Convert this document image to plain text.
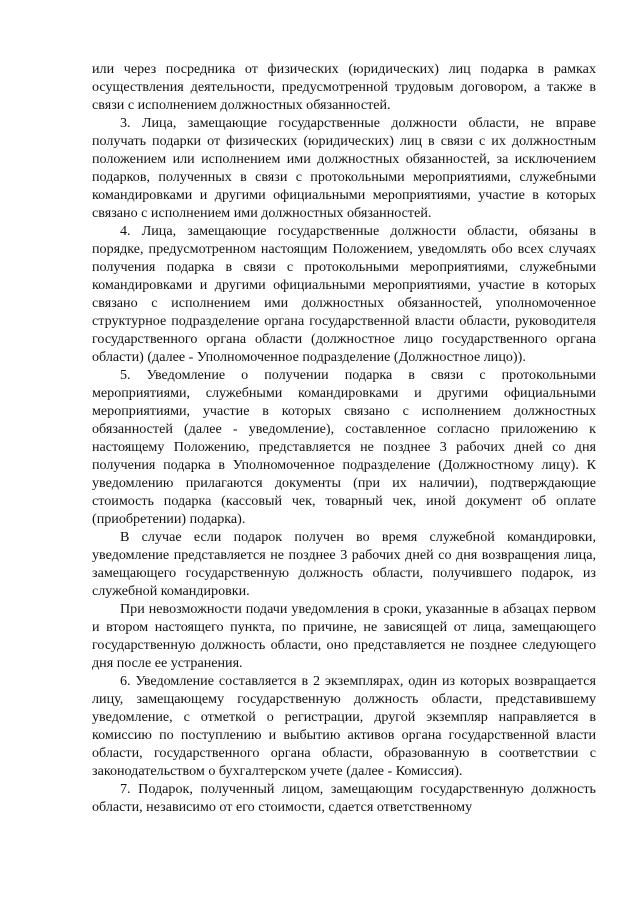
или через посредника от физических (юридических) лиц подарка в рамках осуществления деятельности, предусмотренной трудовым договором, а также в связи с исполнением должностных обязанностей.

3. Лица, замещающие государственные должности области, не вправе получать подарки от физических (юридических) лиц в связи с их должностным положением или исполнением ими должностных обязанностей, за исключением подарков, полученных в связи с протокольными мероприятиями, служебными командировками и другими официальными мероприятиями, участие в которых связано с исполнением ими должностных обязанностей.

4. Лица, замещающие государственные должности области, обязаны в порядке, предусмотренном настоящим Положением, уведомлять обо всех случаях получения подарка в связи с протокольными мероприятиями, служебными командировками и другими официальными мероприятиями, участие в которых связано с исполнением ими должностных обязанностей, уполномоченное структурное подразделение органа государственной власти области, руководителя государственного органа области (должностное лицо государственного органа области) (далее - Уполномоченное подразделение (Должностное лицо)).

5. Уведомление о получении подарка в связи с протокольными мероприятиями, служебными командировками и другими официальными мероприятиями, участие в которых связано с исполнением должностных обязанностей (далее - уведомление), составленное согласно приложению к настоящему Положению, представляется не позднее 3 рабочих дней со дня получения подарка в Уполномоченное подразделение (Должностному лицу). К уведомлению прилагаются документы (при их наличии), подтверждающие стоимость подарка (кассовый чек, товарный чек, иной документ об оплате (приобретении) подарка).

В случае если подарок получен во время служебной командировки, уведомление представляется не позднее 3 рабочих дней со дня возвращения лица, замещающего государственную должность области, получившего подарок, из служебной командировки.

При невозможности подачи уведомления в сроки, указанные в абзацах первом и втором настоящего пункта, по причине, не зависящей от лица, замещающего государственную должность области, оно представляется не позднее следующего дня после ее устранения.

6. Уведомление составляется в 2 экземплярах, один из которых возвращается лицу, замещающему государственную должность области, представившему уведомление, с отметкой о регистрации, другой экземпляр направляется в комиссию по поступлению и выбытию активов органа государственной власти области, государственного органа области, образованную в соответствии с законодательством о бухгалтерском учете (далее - Комиссия).

7. Подарок, полученный лицом, замещающим государственную должность области, независимо от его стоимости, сдается ответственному
